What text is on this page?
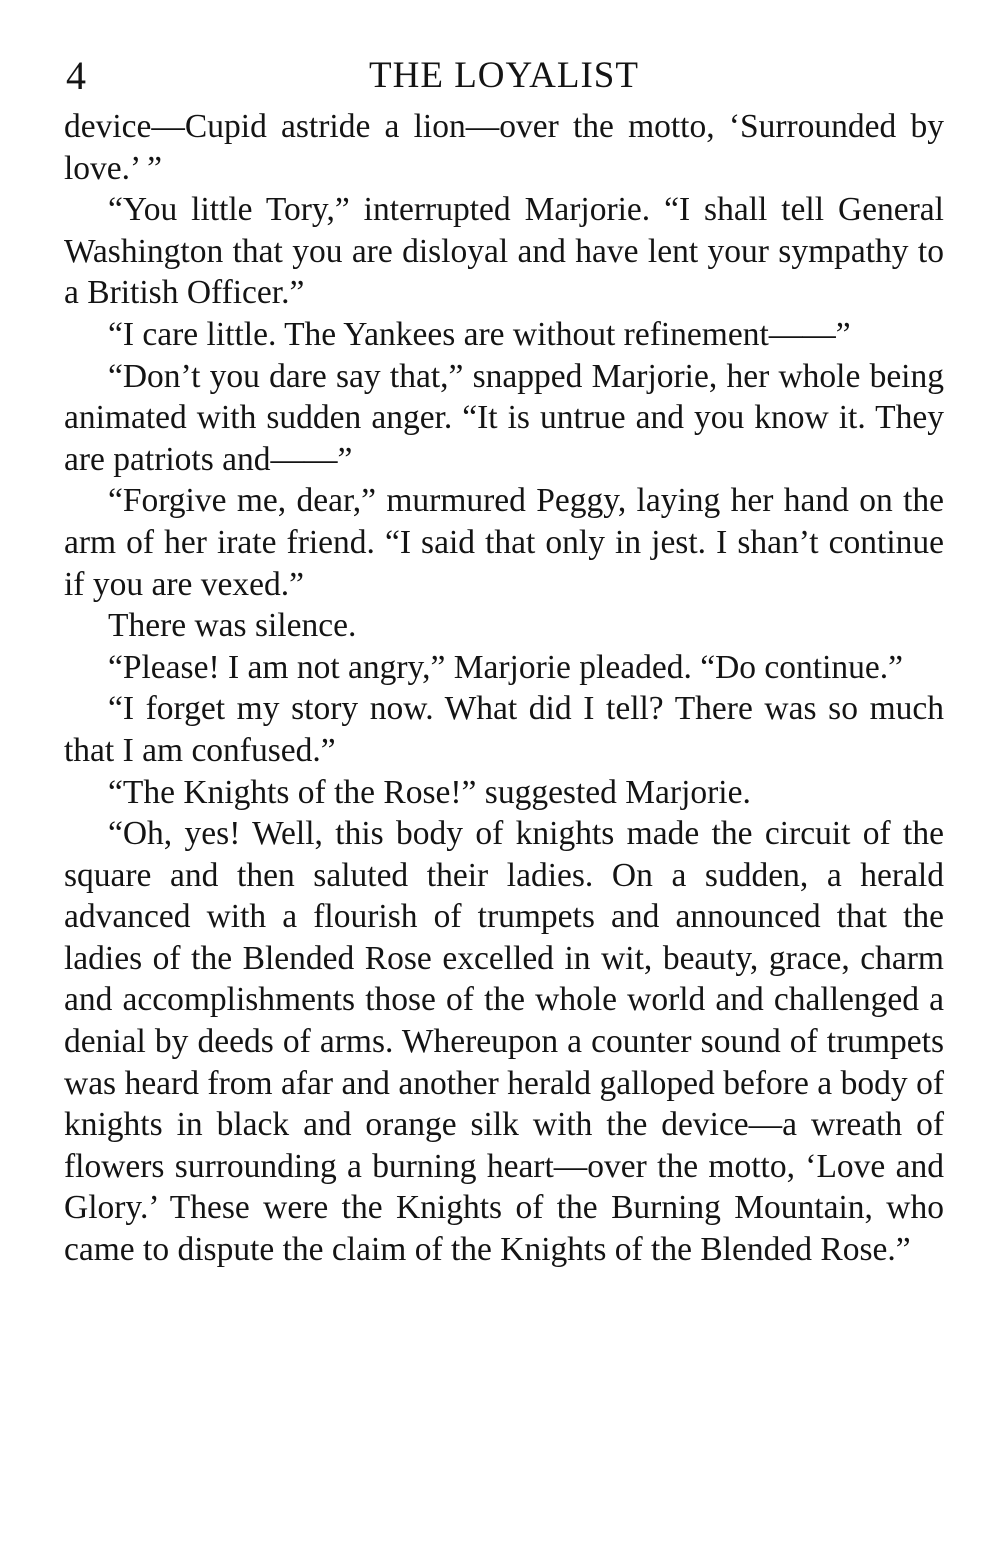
4	THE LOYALIST

device—Cupid astride a lion—over the motto, ‘Surrounded by love.’ ”

“You little Tory,” interrupted Marjorie. “I shall tell General Washington that you are disloyal and have lent your sympathy to a British Officer.”

“I care little. The Yankees are without refinement——”

“Don’t you dare say that,” snapped Marjorie, her whole being animated with sudden anger. “It is untrue and you know it. They are patriots and——”

“Forgive me, dear,” murmured Peggy, laying her hand on the arm of her irate friend. “I said that only in jest. I shan’t continue if you are vexed.”

There was silence.

“Please! I am not angry,” Marjorie pleaded. “Do continue.”

“I forget my story now. What did I tell? There was so much that I am confused.”

“The Knights of the Rose!” suggested Marjorie.

“Oh, yes! Well, this body of knights made the circuit of the square and then saluted their ladies. On a sudden, a herald advanced with a flourish of trumpets and announced that the ladies of the Blended Rose excelled in wit, beauty, grace, charm and accomplishments those of the whole world and challenged a denial by deeds of arms. Whereupon a counter sound of trumpets was heard from afar and another herald galloped before a body of knights in black and orange silk with the device—a wreath of flowers surrounding a burning heart—over the motto, ‘Love and Glory.’ These were the Knights of the Burning Mountain, who came to dispute the claim of the Knights of the Blended Rose.”
